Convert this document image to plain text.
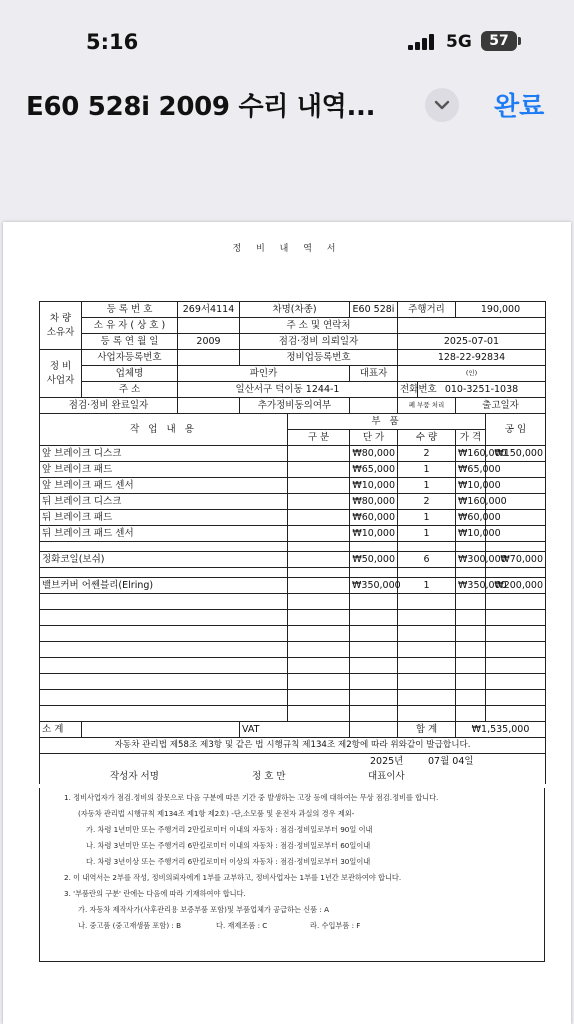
5:16	5G	57
E60 528i 2009 수리 내역...	완료
정 비 내 역 서
차 량
소유자	등 록 번 호	269서4114	차명(차종)		E60 528i	주행거리		190,000	
	소 유 자 ( 상 호 )		주 소 및 연락처						
	등 록 연 월 일	2009	점검·정비 의뢰일자			2025-07-01			
정 비
사업자	사업자등록번호		정비업등록번호			128-22-92834			
	업체명	파인카			대표자	(인)			
	주 소	일산서구 덕이동 1244-1				전화번호	010-3251-1038		
점검·정비 완료일자			추가정비동의여부			폐 부품 처리		출고일자	
작 업 내 용				부 품					공 임
				구 분	단 가	수 량		가 격	
앞 브레이크 디스크					₩80,000	2		₩160,000	₩150,000
앞 브레이크 패드					₩65,000	1		₩65,000	
앞 브레이크 패드 센서					₩10,000	1		₩10,000	
뒤 브레이크 디스크					₩80,000	2		₩160,000	
뒤 브레이크 패드					₩60,000	1		₩60,000	
뒤 브레이크 패드 센서					₩10,000	1		₩10,000	

정화코일(보쉬)					₩50,000	6		₩300,000	₩70,000

밸브커버 어쎈블리(Elring)					₩350,000	1		₩350,000	₩200,000

소 계			VAT			합 계		₩1,535,000	
자동차 관리법 제58조 제3항 및 같은 법 시행규칙 제134조 제2항에 따라 위와같이 발급합니다.									

2025년 07월 04일
작성자 서명 정 호 만 대표이사									
1. 정비사업자가 점검.정비의 잘못으로 다음 구분에 따른 기간 중 발생하는 고장 등에 대하여는 무상 점검.정비를 합니다.
(자동차 관리법 시행규칙 제134조 제1항 제2호) -단,소모품 및 운전자 과실의 경우 제외-
가. 차령 1년미만 또는 주행거리 2만킬로미터 이내의 자동차 : 점검·정비일로부터 90일 이내
나. 차령 3년미만 또는 주행거리 6만킬로미터 이내의 자동차 : 점검·정비일로부터 60일이내
다. 차령 3년이상 또는 주행거리 6만킬로미터 이상의 자동차 : 점검·정비일로부터 30일이내
2. 이 내역서는 2부를 작성, 정비의뢰자에게 1부를 교부하고, 정비사업자는 1부를 1년간 보관하여야 합니다.
3. '부품란의 구분' 란에는 다음에 따라 기재하여야 합니다.
가. 자동차 제작사가(사후관리용 보증부품 포함)및 부품업체가 공급하는 신품 : A
나. 중고품 (중고재생품 포함) : B	다. 재제조품 : C	라. 수입부품 : F
